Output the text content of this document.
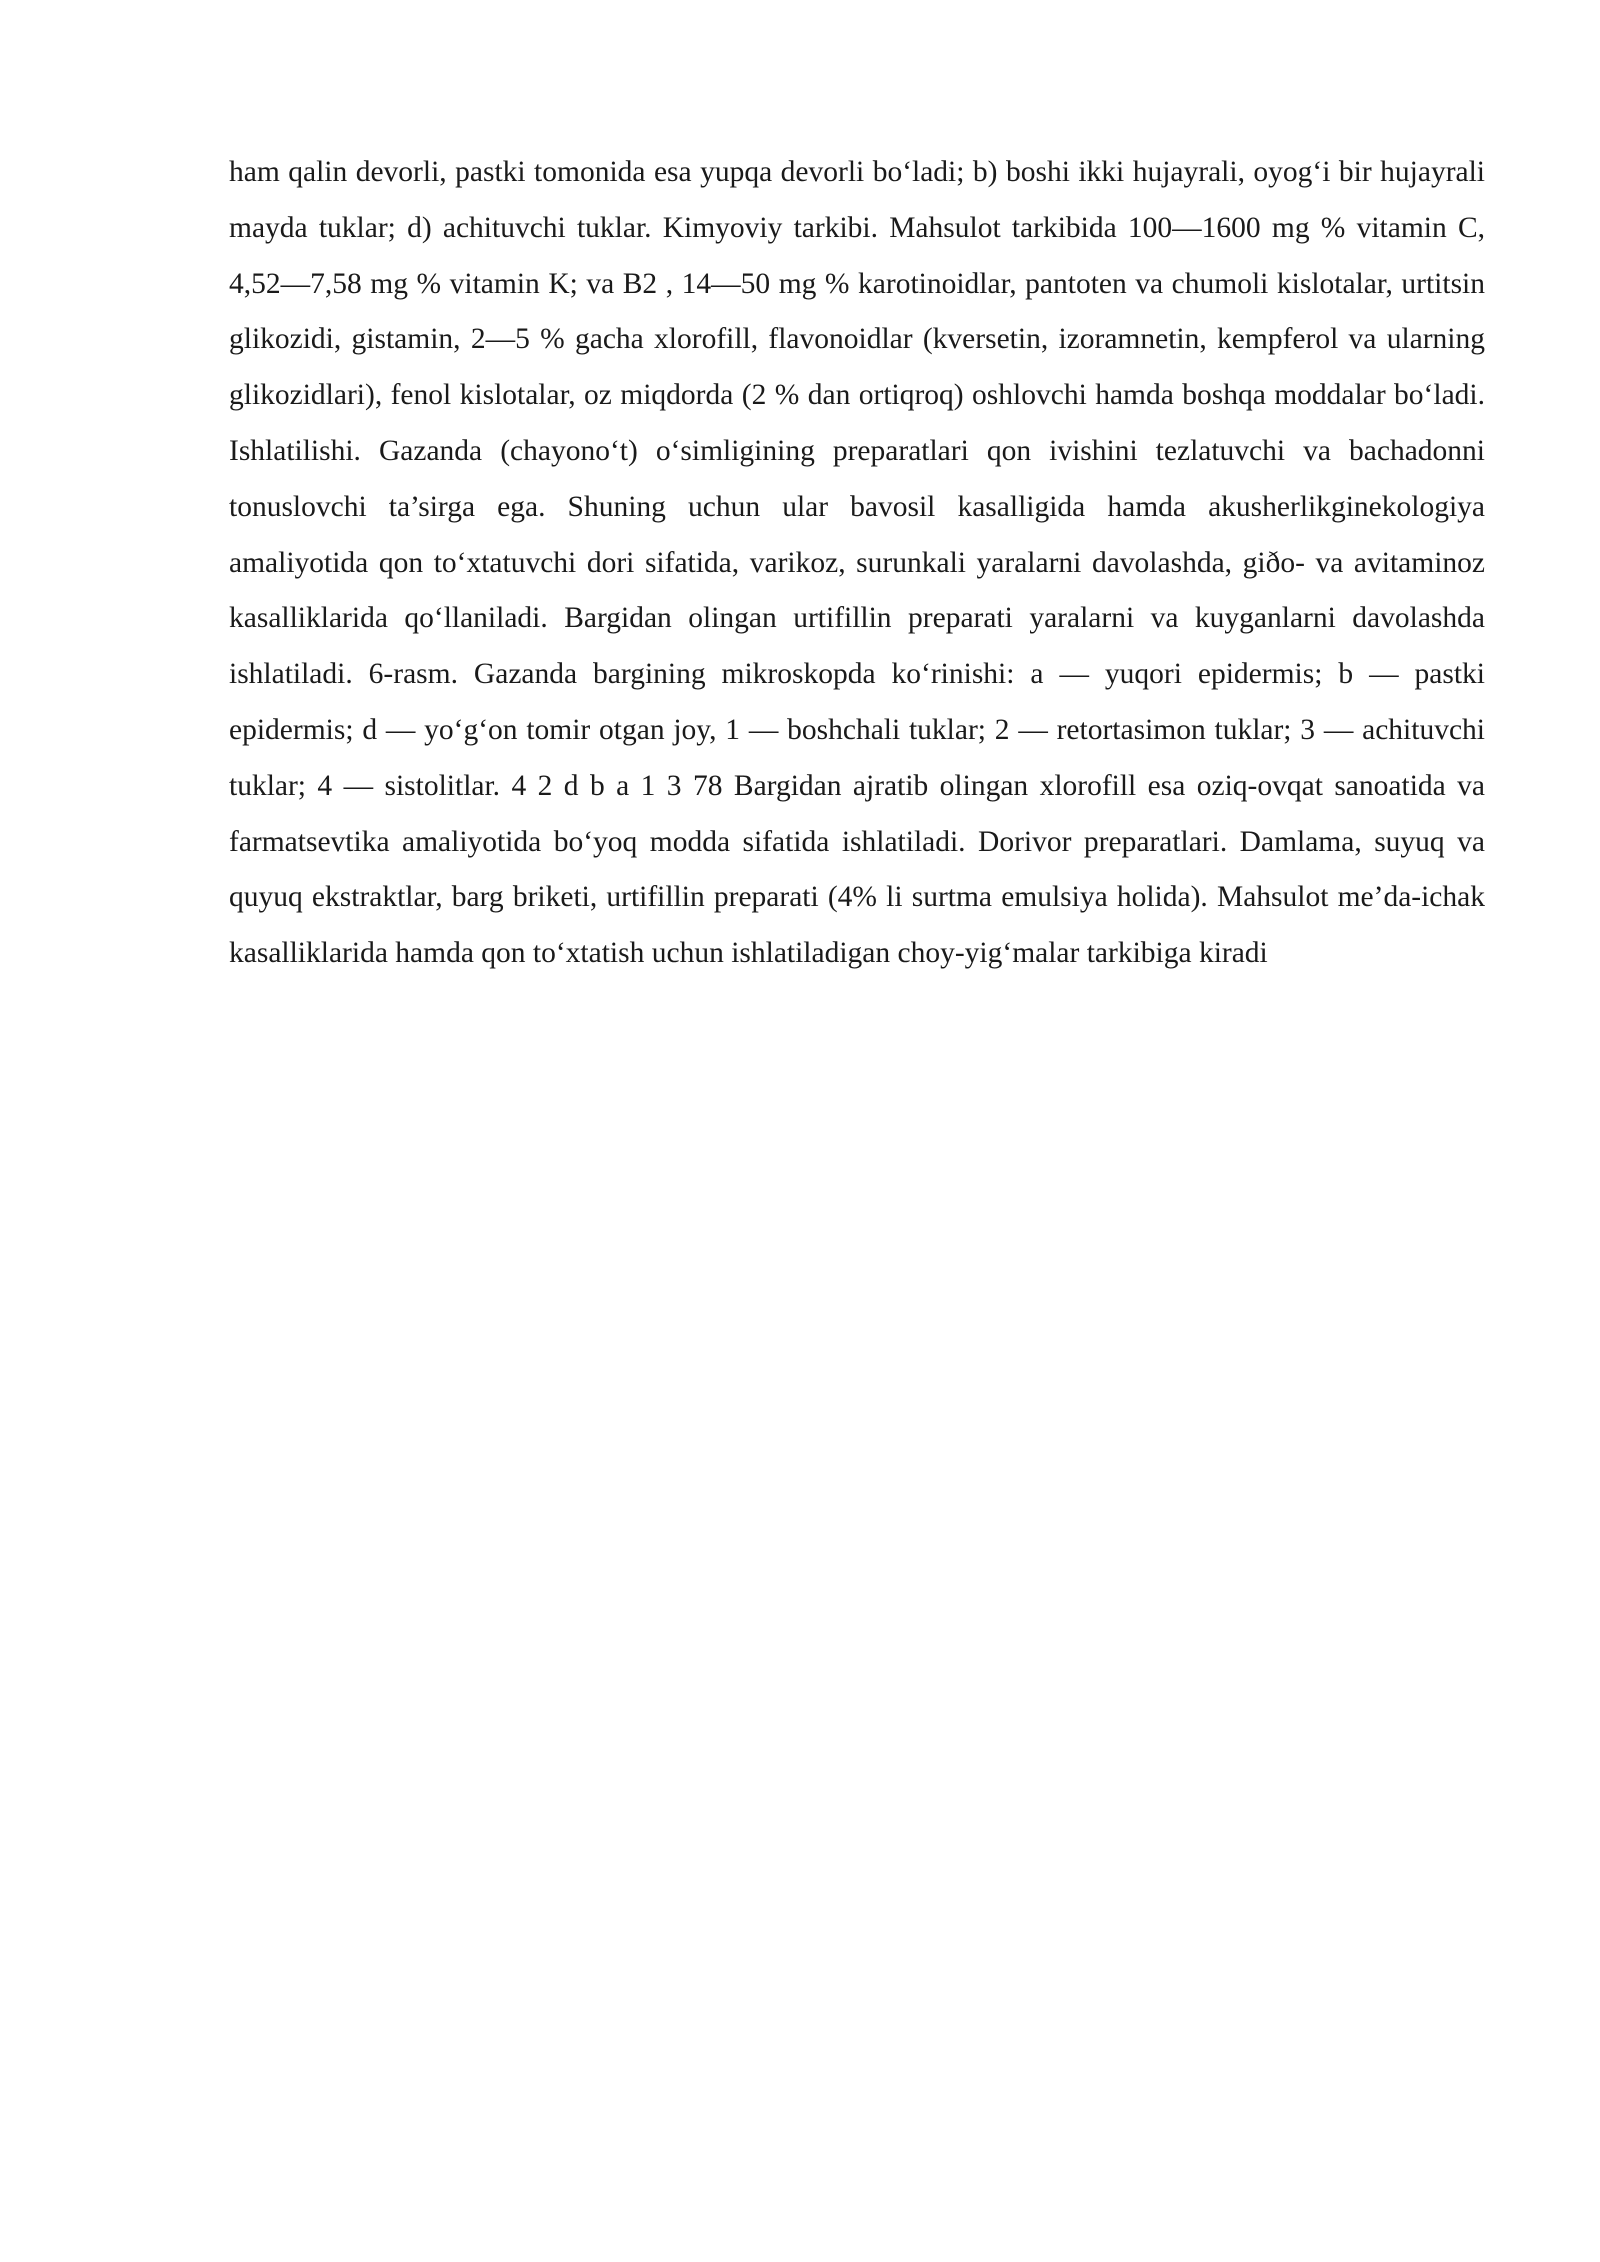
ham qalin devorli, pastki tomonida esa yupqa devorli bo‘ladi; b) boshi ikki hujayrali, oyog‘i bir hujayrali mayda tuklar; d) achituvchi tuklar. Kimyoviy tarkibi. Mahsulot tarkibida 100—1600 mg % vitamin C, 4,52—7,58 mg % vitamin K; va B2 , 14—50 mg % karotinoidlar, pantoten va chumoli kislotalar, urtitsin glikozidi, gistamin, 2—5 % gacha xlorofill, flavonoidlar (kversetin, izoramnetin, kempferol va ularning glikozidlari), fenol kislotalar, oz miqdorda (2 % dan ortiqroq) oshlovchi hamda boshqa moddalar bo‘ladi. Ishlatilishi. Gazanda (chayono‘t) o‘simligining preparatlari qon ivishini tezlatuvchi va bachadonni tonuslovchi ta’sirga ega. Shuning uchun ular bavosil kasalligida hamda akusherlikginekologiya amaliyotida qon to‘xtatuvchi dori sifatida, varikoz, surunkali yaralarni davolashda, giðo- va avitaminoz kasalliklarida qo‘llaniladi. Bargidan olingan urtifillin preparati yaralarni va kuyganlarni davolashda ishlatiladi. 6-rasm. Gazanda bargining mikroskopda ko‘rinishi: a — yuqori epidermis; b — pastki epidermis; d — yo‘g‘on tomir otgan joy, 1 — boshchali tuklar; 2 — retortasimon tuklar; 3 — achituvchi tuklar; 4 — sistolitlar. 4 2 d b a 1 3 78 Bargidan ajratib olingan xlorofill esa oziq-ovqat sanoatida va farmatsevtika amaliyotida bo‘yoq modda sifatida ishlatiladi. Dorivor preparatlari. Damlama, suyuq va quyuq ekstraktlar, barg briketi, urtifillin preparati (4% li surtma emulsiya holida). Mahsulot me’da-ichak kasalliklarida hamda qon to‘xtatish uchun ishlatiladigan choy-yig‘malar tarkibiga kiradi
